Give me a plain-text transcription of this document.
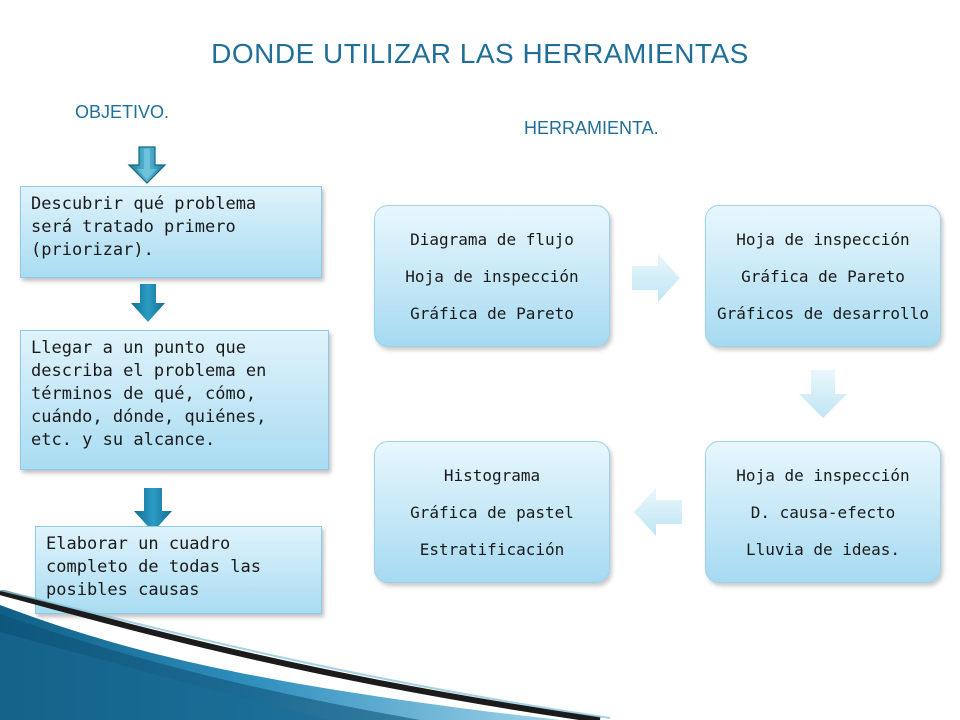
DONDE UTILIZAR LAS HERRAMIENTAS
OBJETIVO.
HERRAMIENTA.
Descubrir qué problema
será tratado primero
(priorizar).
Llegar a un punto que
describa el problema en
términos de qué, cómo,
cuándo, dónde, quiénes,
etc. y su alcance.
Elaborar un cuadro
completo de todas las
posibles causas
Diagrama de flujo
Hoja de inspección
Gráfica de Pareto
Hoja de inspección
Gráfica de Pareto
Gráficos de desarrollo
Hoja de inspección
D. causa-efecto
Lluvia de ideas.
Histograma
Gráfica de pastel
Estratificación
